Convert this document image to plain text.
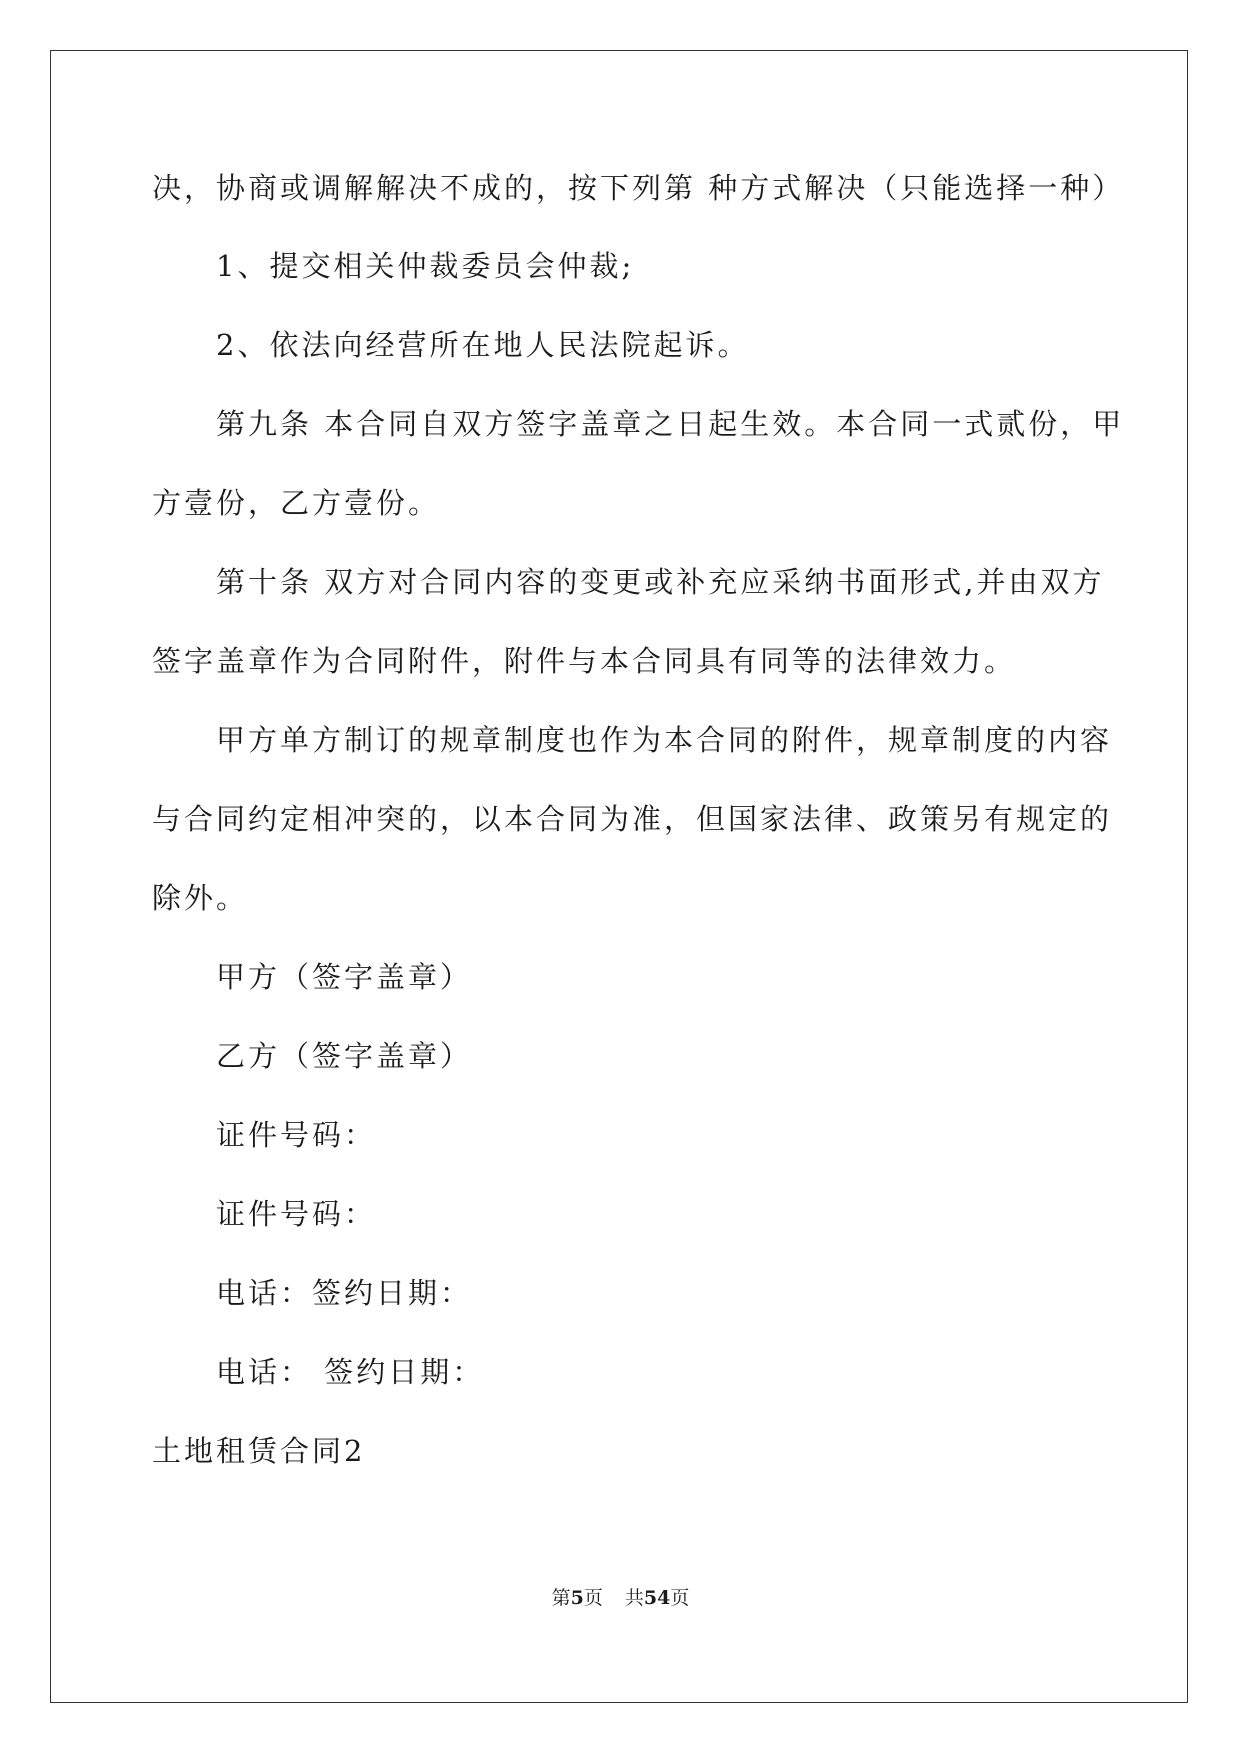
决，协商或调解解决不成的，按下列第 种方式解决（只能选择一种）
1、提交相关仲裁委员会仲裁;
2、依法向经营所在地人民法院起诉。
第九条 本合同自双方签字盖章之日起生效。本合同一式贰份，甲
方壹份，乙方壹份。
第十条 双方对合同内容的变更或补充应采纳书面形式,并由双方
签字盖章作为合同附件，附件与本合同具有同等的法律效力。
甲方单方制订的规章制度也作为本合同的附件，规章制度的内容
与合同约定相冲突的，以本合同为准，但国家法律、政策另有规定的
除外。
甲方（签字盖章）
乙方（签字盖章）
证件号码：
证件号码：
电话：签约日期：
电话： 签约日期：
土地租赁合同2
第5页 共54页
